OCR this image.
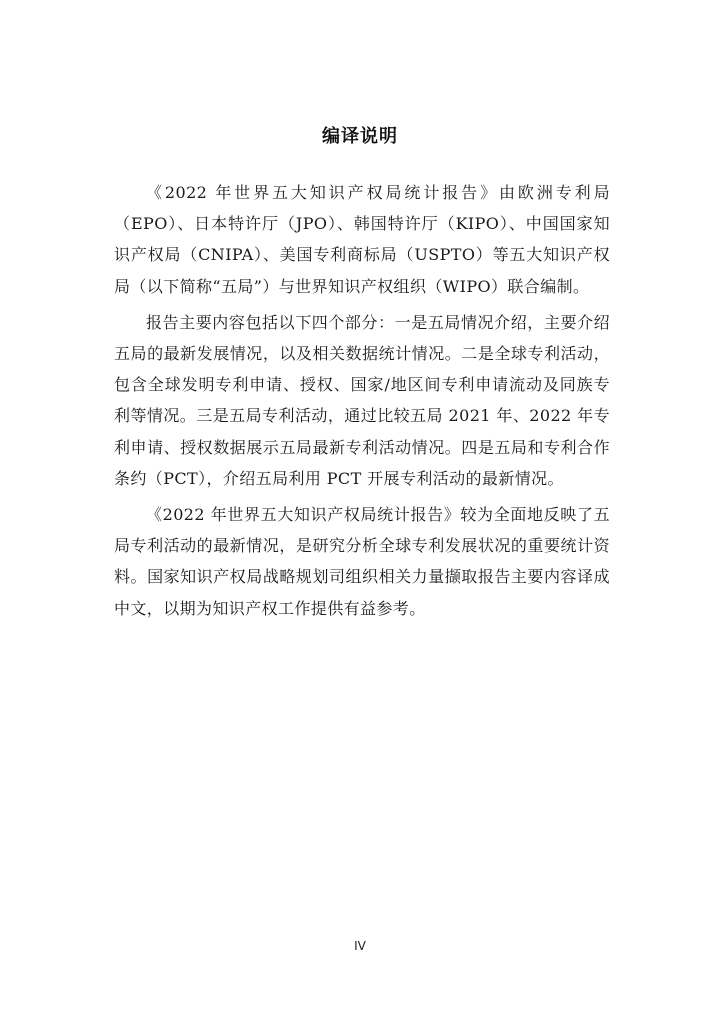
编译说明

《2022 年世界五大知识产权局统计报告》由欧洲专利局（EPO）、日本特许厅（JPO）、韩国特许厅（KIPO）、中国国家知识产权局（CNIPA）、美国专利商标局（USPTO）等五大知识产权局（以下简称“五局”）与世界知识产权组织（WIPO）联合编制。

报告主要内容包括以下四个部分：一是五局情况介绍，主要介绍五局的最新发展情况，以及相关数据统计情况。二是全球专利活动，包含全球发明专利申请、授权、国家/地区间专利申请流动及同族专利等情况。三是五局专利活动，通过比较五局 2021 年、2022 年专利申请、授权数据展示五局最新专利活动情况。四是五局和专利合作条约（PCT），介绍五局利用 PCT 开展专利活动的最新情况。

《2022 年世界五大知识产权局统计报告》较为全面地反映了五局专利活动的最新情况，是研究分析全球专利发展状况的重要统计资料。国家知识产权局战略规划司组织相关力量撷取报告主要内容译成中文，以期为知识产权工作提供有益参考。

IV
